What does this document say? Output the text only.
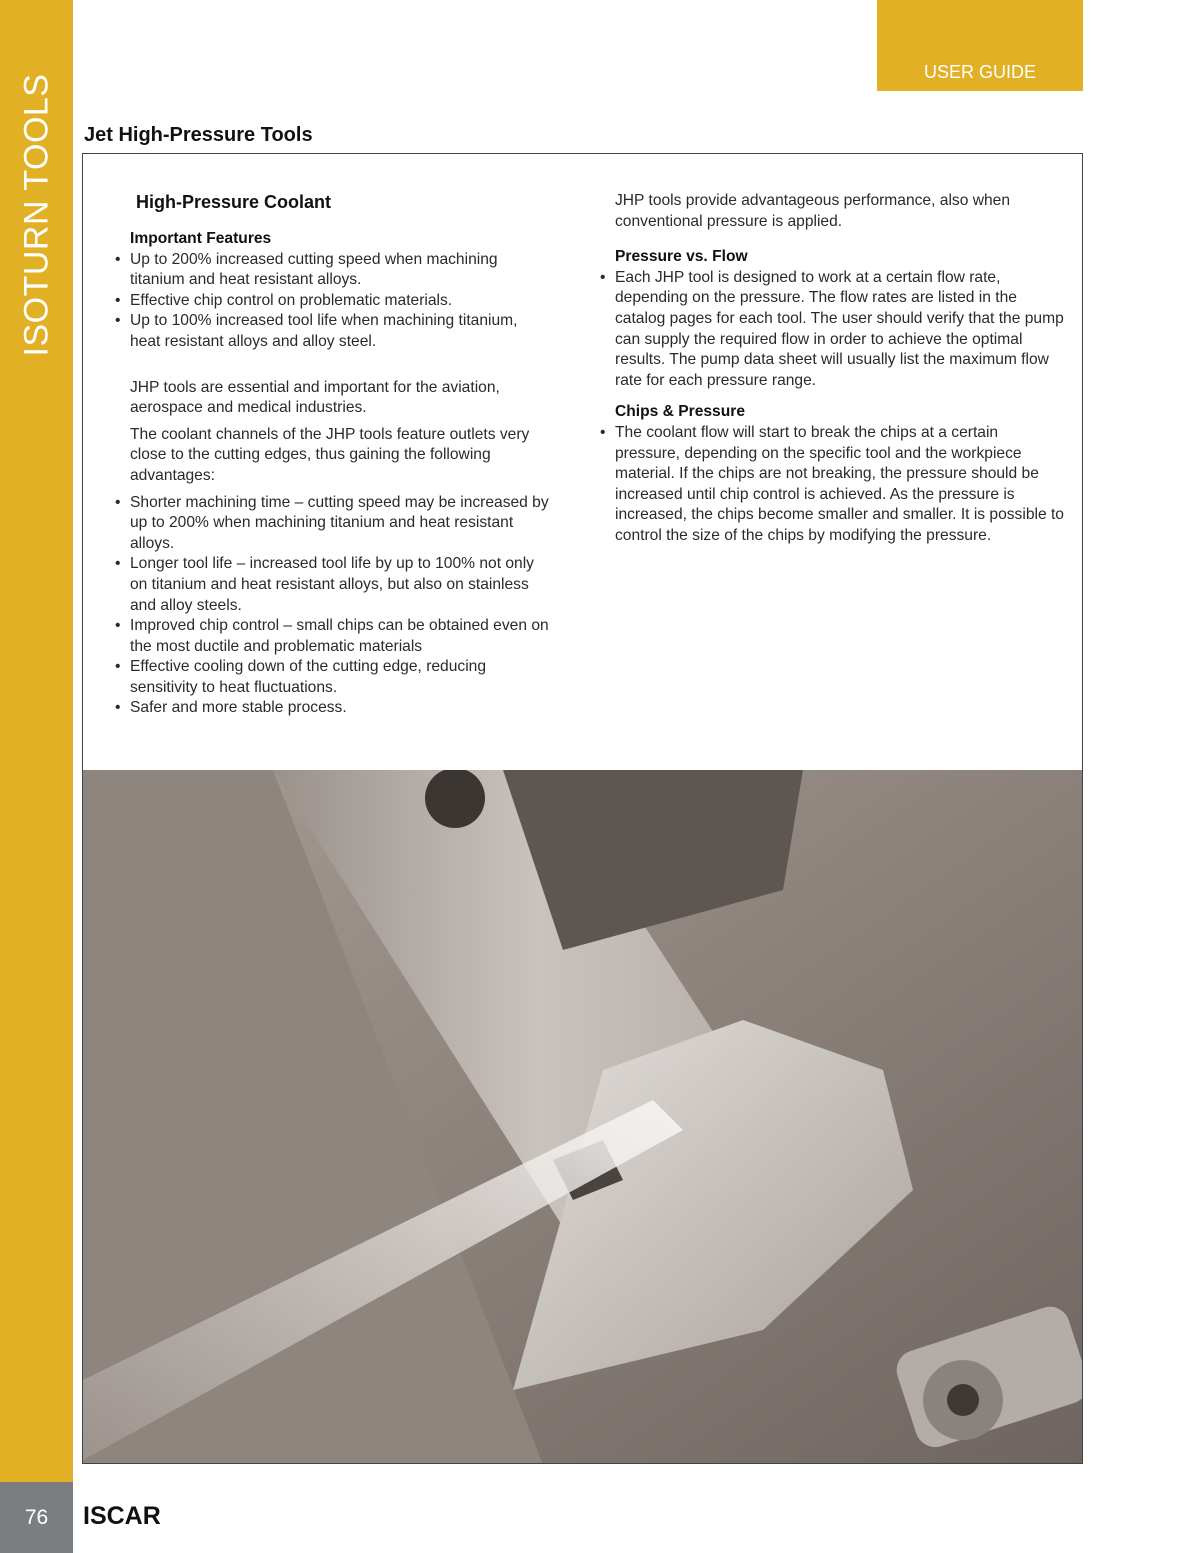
ISOTURN TOOLS
76	ISCAR
USER GUIDE
Jet High-Pressure Tools
High-Pressure Coolant
Important Features
• Up to 200% increased cutting speed when machining titanium and heat resistant alloys.
• Effective chip control on problematic materials.
• Up to 100% increased tool life when machining titanium, heat resistant alloys and alloy steel.

JHP tools are essential and important for the aviation, aerospace and medical industries.

The coolant channels of the JHP tools feature outlets very close to the cutting edges, thus gaining the following advantages:

• Shorter machining time – cutting speed may be increased by up to 200% when machining titanium and heat resistant alloys.
• Longer tool life – increased tool life by up to 100% not only on titanium and heat resistant alloys, but also on stainless and alloy steels.
• Improved chip control – small chips can be obtained even on the most ductile and problematic materials
• Effective cooling down of the cutting edge, reducing sensitivity to heat fluctuations.
• Safer and more stable process.

JHP tools provide advantageous performance, also when conventional pressure is applied.

Pressure vs. Flow
• Each JHP tool is designed to work at a certain flow rate, depending on the pressure. The flow rates are listed in the catalog pages for each tool. The user should verify that the pump can supply the required flow in order to achieve the optimal results. The pump data sheet will usually list the maximum flow rate for each pressure range.
Chips & Pressure
• The coolant flow will start to break the chips at a certain pressure, depending on the specific tool and the workpiece material. If the chips are not breaking, the pressure should be increased until chip control is achieved. As the pressure is increased, the chips become smaller and smaller. It is possible to control the size of the chips by modifying the pressure.
